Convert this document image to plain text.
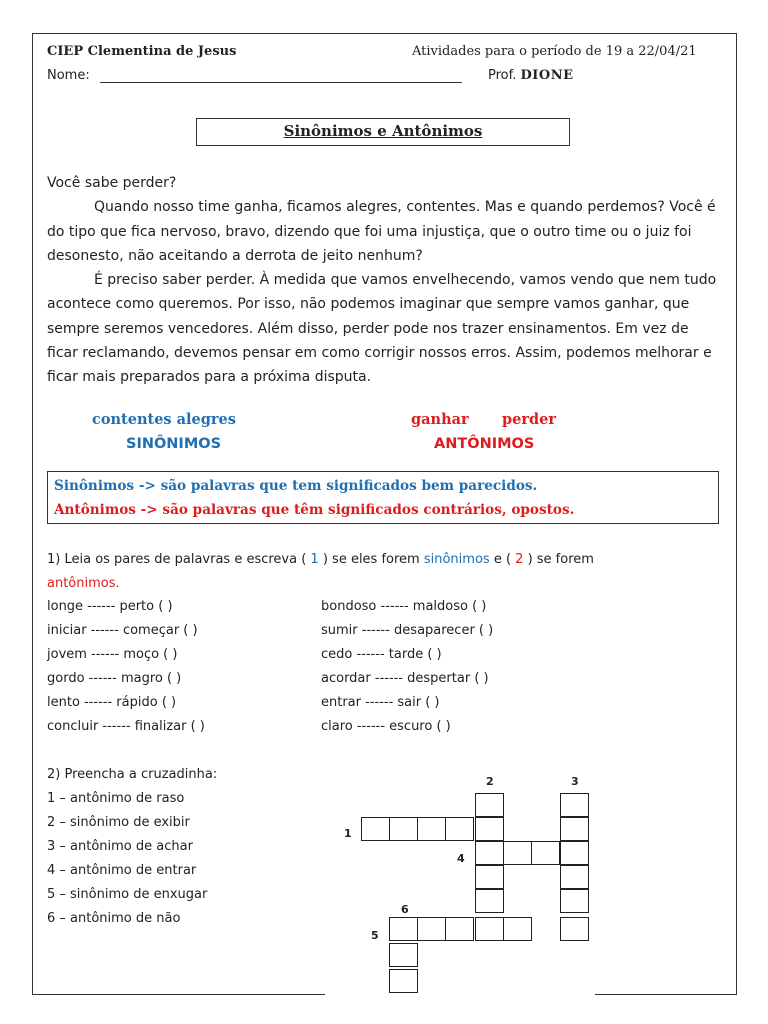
CIEP Clementina de Jesus	Atividades para o período de 19 a 22/04/21
Nome:	Prof. DIONE
Sinônimos e Antônimos

Você sabe perder?

Quando nosso time ganha, ficamos alegres, contentes. Mas e quando perdemos? Você é do tipo que fica nervoso, bravo, dizendo que foi uma injustiça, que o outro time ou o juiz foi desonesto, não aceitando a derrota de jeito nenhum?

É preciso saber perder. À medida que vamos envelhecendo, vamos vendo que nem tudo acontece como queremos. Por isso, não podemos imaginar que sempre vamos ganhar, que sempre seremos vencedores. Além disso, perder pode nos trazer ensinamentos. Em vez de ficar reclamando, devemos pensar em como corrigir nossos erros. Assim, podemos melhorar e ficar mais preparados para a próxima disputa.

contentes alegres
SINÔNIMOS
ganhar perder
ANTÔNIMOS
Sinônimos -> são palavras que tem significados bem parecidos.
Antônimos -> são palavras que têm significados contrários, opostos.
1) Leia os pares de palavras e escreva ( 1 ) se eles forem sinônimos e ( 2 ) se forem
antônimos.
longe ------ perto ( )
iniciar ------ começar ( )
jovem ------ moço ( )
gordo ------ magro ( )
lento ------ rápido ( )
concluir ------ finalizar ( )
bondoso ------ maldoso ( )
sumir ------ desaparecer ( )
cedo ------ tarde ( )
acordar ------ despertar ( )
entrar ------ sair ( )
claro ------ escuro ( )
2) Preencha a cruzadinha:
1 – antônimo de raso
2 – sinônimo de exibir
3 – antônimo de achar
4 – antônimo de entrar
5 – sinônimo de enxugar
6 – antônimo de não
1
2	3
4
5
6
